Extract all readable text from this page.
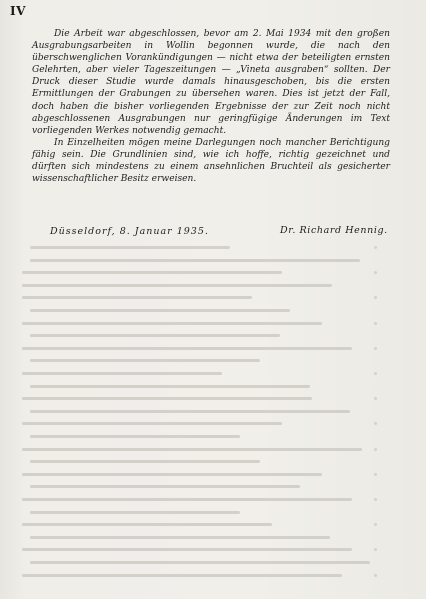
IV

Die Arbeit war abgeschlossen, bevor am 2. Mai 1934 mit den großen Ausgrabungsarbeiten in Wollin begonnen wurde, die nach den überschwenglichen Vorankündigungen — nicht etwa der beteiligten ernsten Gelehrten, aber vieler Tageszeitungen — „Vineta ausgraben“ sollten. Der Druck dieser Studie wurde damals hinausgeschoben, bis die ersten Ermittlungen der Grabungen zu übersehen waren. Dies ist jetzt der Fall, doch haben die bisher vorliegenden Ergebnisse der zur Zeit noch nicht abgeschlossenen Ausgrabungen nur geringfügige Änderungen im Text vorliegenden Werkes notwendig gemacht.

In Einzelheiten mögen meine Darlegungen noch mancher Berichtigung fähig sein. Die Grundlinien sind, wie ich hoffe, richtig gezeichnet und dürften sich mindestens zu einem ansehnlichen Bruchteil als gesicherter wissenschaftlicher Besitz erweisen.

Düsseldorf, 8. Januar 1935.	Dr. Richard Hennig.
